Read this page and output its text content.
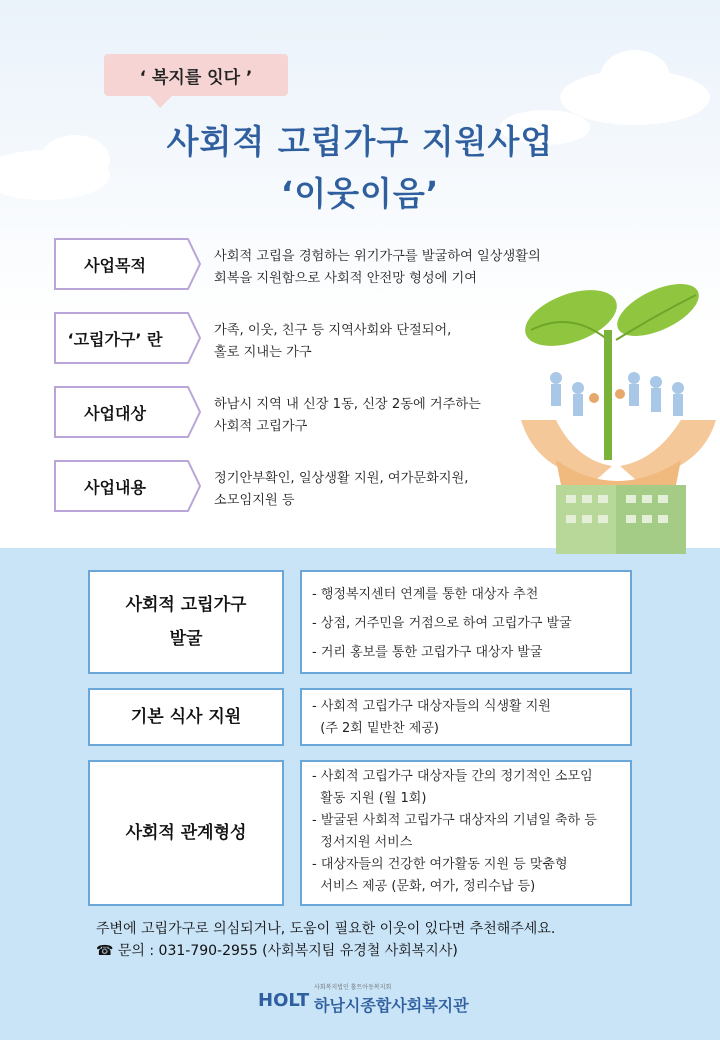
‘ 복지를 잇다 ’
사회적 고립가구 지원사업
‘이웃이음’
사업목적	사회적 고립을 경험하는 위기가구를 발굴하여 일상생활의
회복을 지원함으로 사회적 안전망 형성에 기여
‘고립가구’ 란	가족, 이웃, 친구 등 지역사회와 단절되어,
홀로 지내는 가구
사업대상	하남시 지역 내 신장 1동, 신장 2동에 거주하는
사회적 고립가구
사업내용	정기안부확인, 일상생활 지원, 여가문화지원,
소모임지원 등
사회적 고립가구
발굴
- 행정복지센터 연계를 통한 대상자 추천
- 상점, 거주민을 거점으로 하여 고립가구 발굴
- 거리 홍보를 통한 고립가구 대상자 발굴
기본 식사 지원
- 사회적 고립가구 대상자들의 식생활 지원
(주 2회 밑반찬 제공)
사회적 관계형성
- 사회적 고립가구 대상자들 간의 정기적인 소모임
활동 지원 (월 1회)
- 발굴된 사회적 고립가구 대상자의 기념일 축하 등
정서지원 서비스
- 대상자들의 건강한 여가활동 지원 등 맞춤형
서비스 제공 (문화, 여가, 정리수납 등)
주변에 고립가구로 의심되거나, 도움이 필요한 이웃이 있다면 추천해주세요.
☎ 문의 : 031-790-2955 (사회복지팀 유경철 사회복지사)
HOLT
사회복지법인 홀트아동복지회
하남시종합사회복지관
